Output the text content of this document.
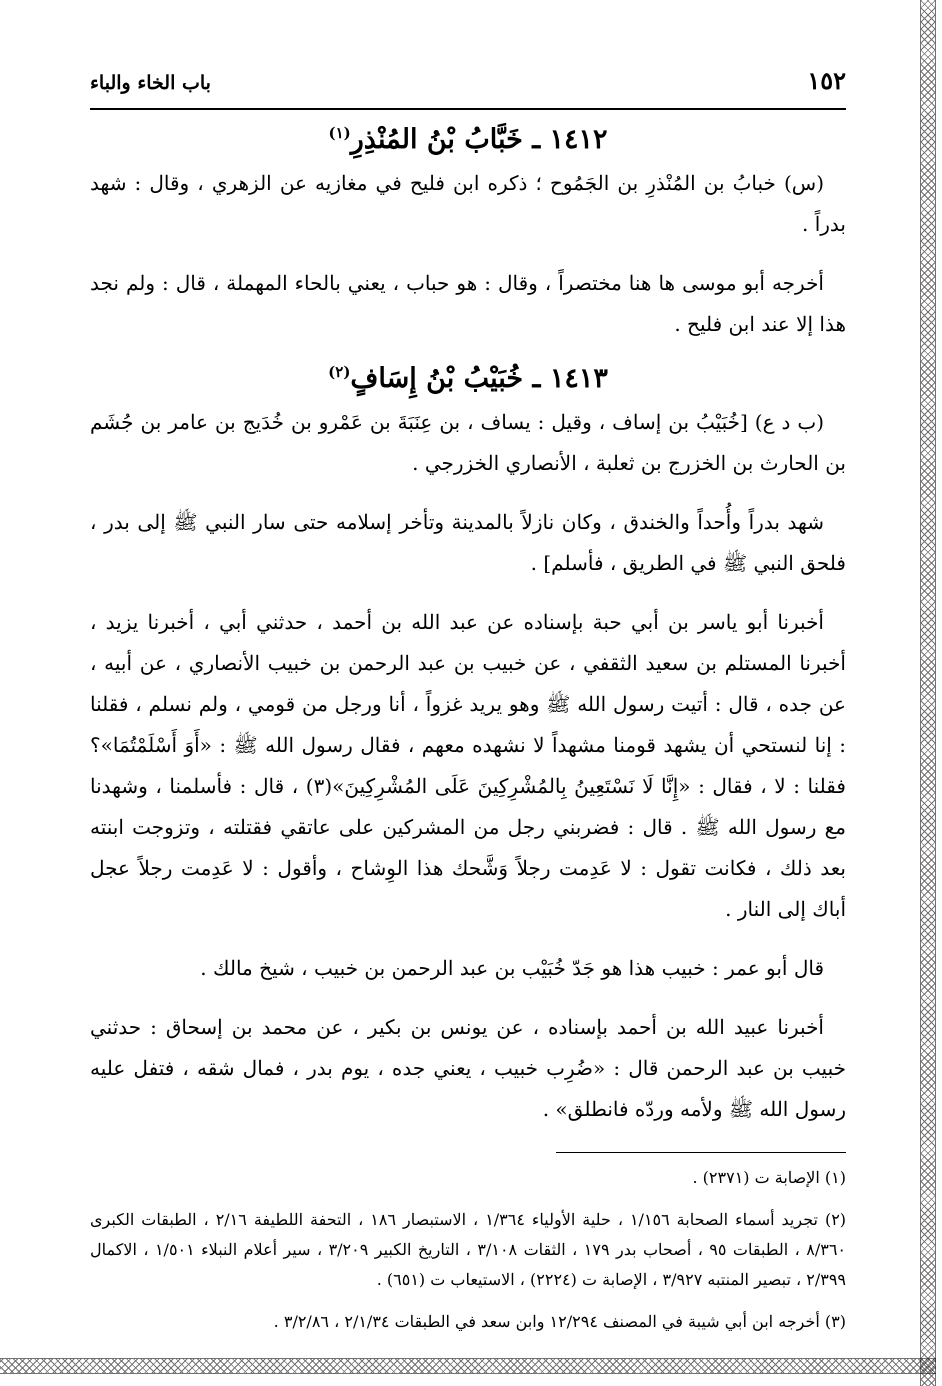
١٥٢
باب الخاء والباء
١٤١٢ ـ خَبَّابُ بْنُ المُنْذِرِ$^{(١)}$

(س) خبابُ بن المُنْذرِ بن الجَمُوح ؛ ذكره ابن فليح في مغازيه عن الزهري ، وقال : شهد بدراً .

أخرجه أبو موسى ها هنا مختصراً ، وقال : هو حباب ، يعني بالحاء المهملة ، قال : ولم نجد هذا إلا عند ابن فليح .

١٤١٣ ـ خُبَيْبُ بْنُ إِسَافٍ$^{(٢)}$

(ب د ع) [خُبَيْبُ بن إساف ، وقيل : يساف ، بن عِنَبَةَ بن عَمْرو بن خُدَيج بن عامر بن جُشَم بن الحارث بن الخزرج بن ثعلبة ، الأنصاري الخزرجي .

شهد بدراً وأُحداً والخندق ، وكان نازلاً بالمدينة وتأخر إسلامه حتى سار النبي ﷺ إلى بدر ، فلحق النبي ﷺ في الطريق ، فأسلم] .

أخبرنا أبو ياسر بن أبي حبة بإسناده عن عبد الله بن أحمد ، حدثني أبي ، أخبرنا يزيد ، أخبرنا المستلم بن سعيد الثقفي ، عن خبيب بن عبد الرحمن بن خبيب الأنصاري ، عن أبيه ، عن جده ، قال : أتيت رسول الله ﷺ وهو يريد غزواً ، أنا ورجل من قومي ، ولم نسلم ، فقلنا : إنا لنستحي أن يشهد قومنا مشهداً لا نشهده معهم ، فقال رسول الله ﷺ : «أَوَ أَسْلَمْتُمَا»؟ فقلنا : لا ، فقال : «إِنَّا لَا نَسْتَعِينُ بِالمُشْرِكِينَ عَلَى المُشْرِكِينَ»(٣) ، قال : فأسلمنا ، وشهدنا مع رسول الله ﷺ . قال : فضربني رجل من المشركين على عاتقي فقتلته ، وتزوجت ابنته بعد ذلك ، فكانت تقول : لا عَدِمت رجلاً وَشَّحك هذا الوِشاح ، وأقول : لا عَدِمت رجلاً عجل أباك إلى النار .

قال أبو عمر : خبيب هذا هو جَدّ خُبَيْب بن عبد الرحمن بن خبيب ، شيخ مالك .

أخبرنا عبيد الله بن أحمد بإسناده ، عن يونس بن بكير ، عن محمد بن إسحاق : حدثني خبيب بن عبد الرحمن قال : «ضُرِب خبيب ، يعني جده ، يوم بدر ، فمال شقه ، فتفل عليه رسول الله ﷺ ولأمه وردّه فانطلق» .

(١) الإصابة ت (٢٣٧١) .

(٢) تجريد أسماء الصحابة ١/١٥٦ ، حلية الأولياء ١/٣٦٤ ، الاستبصار ١٨٦ ، التحفة اللطيفة ٢/١٦ ، الطبقات الكبرى ٨/٣٦٠ ، الطبقات ٩٥ ، أصحاب بدر ١٧٩ ، الثقات ٣/١٠٨ ، التاريخ الكبير ٣/٢٠٩ ، سير أعلام النبلاء ١/٥٠١ ، الاكمال ٢/٣٩٩ ، تبصير المنتبه ٣/٩٢٧ ، الإصابة ت (٢٢٢٤) ، الاستيعاب ت (٦٥١) .

(٣) أخرجه ابن أبي شيبة في المصنف ١٢/٢٩٤ وابن سعد في الطبقات ٢/١/٣٤ ، ٣/٢/٨٦ .
